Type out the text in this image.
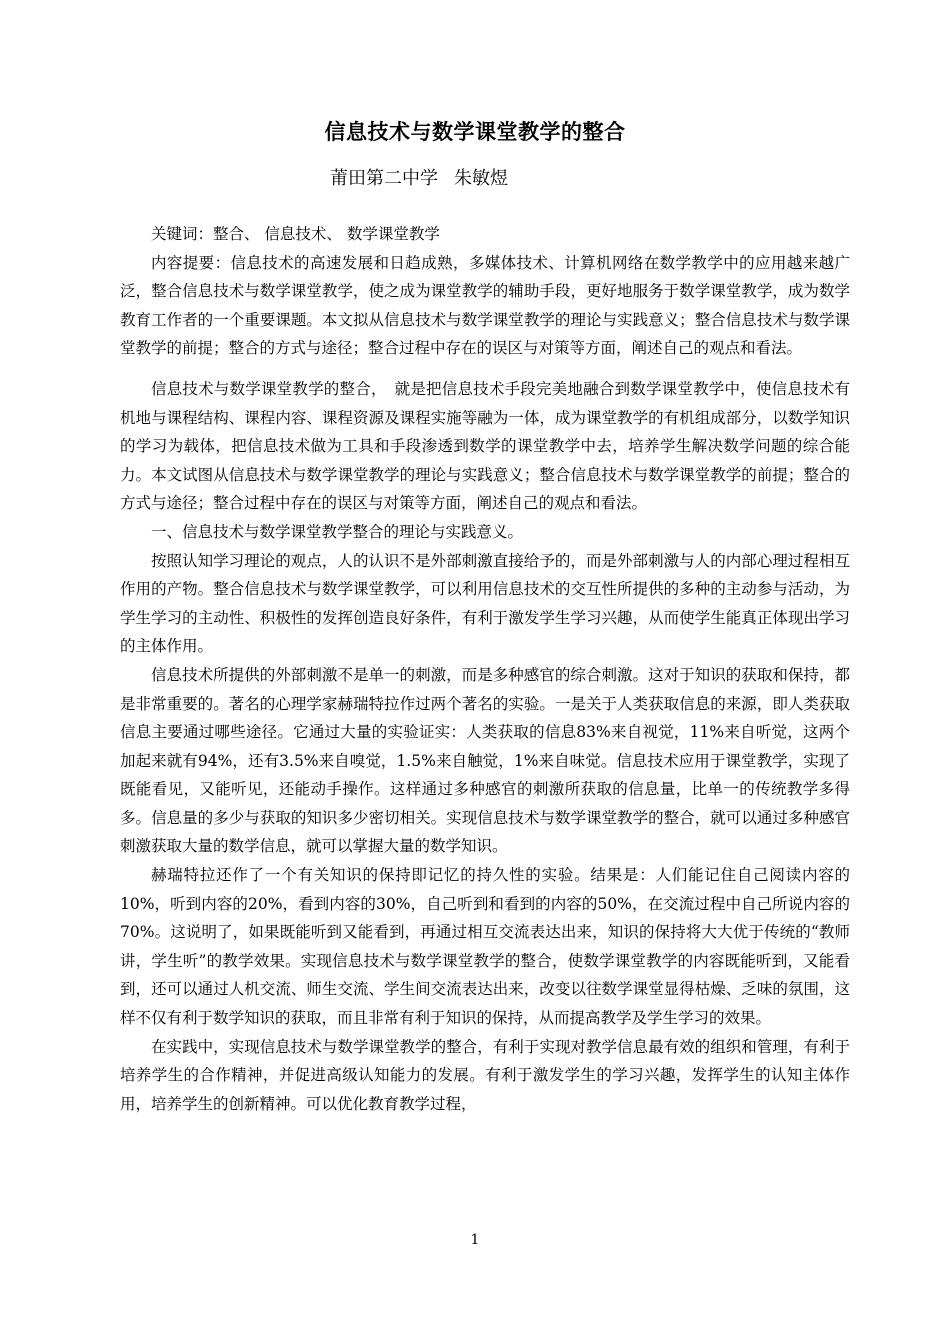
信息技术与数学课堂教学的整合
莆田第二中学 朱敏煜

关键词：整合、 信息技术、 数学课堂教学

内容提要：信息技术的高速发展和日趋成熟，多媒体技术、计算机网络在数学教学中的应用越来越广泛，整合信息技术与数学课堂教学，使之成为课堂教学的辅助手段，更好地服务于数学课堂教学，成为数学教育工作者的一个重要课题。本文拟从信息技术与数学课堂教学的理论与实践意义；整合信息技术与数学课堂教学的前提；整合的方式与途径；整合过程中存在的误区与对策等方面，阐述自己的观点和看法。

信息技术与数学课堂教学的整合，　就是把信息技术手段完美地融合到数学课堂教学中，使信息技术有机地与课程结构、课程内容、课程资源及课程实施等融为一体，成为课堂教学的有机组成部分，以数学知识的学习为载体，把信息技术做为工具和手段渗透到数学的课堂教学中去，培养学生解决数学问题的综合能力。本文试图从信息技术与数学课堂教学的理论与实践意义；整合信息技术与数学课堂教学的前提；整合的方式与途径；整合过程中存在的误区与对策等方面，阐述自己的观点和看法。

一、信息技术与数学课堂教学整合的理论与实践意义。

按照认知学习理论的观点，人的认识不是外部刺激直接给予的，而是外部刺激与人的内部心理过程相互作用的产物。整合信息技术与数学课堂教学，可以利用信息技术的交互性所提供的多种的主动参与活动，为学生学习的主动性、积极性的发挥创造良好条件，有利于激发学生学习兴趣，从而使学生能真正体现出学习的主体作用。

信息技术所提供的外部刺激不是单一的刺激，而是多种感官的综合刺激。这对于知识的获取和保持，都是非常重要的。著名的心理学家赫瑞特拉作过两个著名的实验。一是关于人类获取信息的来源，即人类获取信息主要通过哪些途径。它通过大量的实验证实：人类获取的信息83%来自视觉，11%来自听觉，这两个加起来就有94%，还有3.5%来自嗅觉，1.5%来自触觉，1%来自味觉。信息技术应用于课堂教学，实现了既能看见，又能听见，还能动手操作。这样通过多种感官的刺激所获取的信息量，比单一的传统教学多得多。信息量的多少与获取的知识多少密切相关。实现信息技术与数学课堂教学的整合，就可以通过多种感官刺激获取大量的数学信息，就可以掌握大量的数学知识。

赫瑞特拉还作了一个有关知识的保持即记忆的持久性的实验。结果是：人们能记住自己阅读内容的10%，听到内容的20%，看到内容的30%，自己听到和看到的内容的50%，在交流过程中自己所说内容的70%。这说明了，如果既能听到又能看到，再通过相互交流表达出来，知识的保持将大大优于传统的“教师讲，学生听”的教学效果。实现信息技术与数学课堂教学的整合，使数学课堂教学的内容既能听到，又能看到，还可以通过人机交流、师生交流、学生间交流表达出来，改变以往数学课堂显得枯燥、乏味的氛围，这样不仅有利于数学知识的获取，而且非常有利于知识的保持，从而提高教学及学生学习的效果。

在实践中，实现信息技术与数学课堂教学的整合，有利于实现对教学信息最有效的组织和管理，有利于培养学生的合作精神，并促进高级认知能力的发展。有利于激发学生的学习兴趣，发挥学生的认知主体作用，培养学生的创新精神。可以优化教育教学过程，

1
